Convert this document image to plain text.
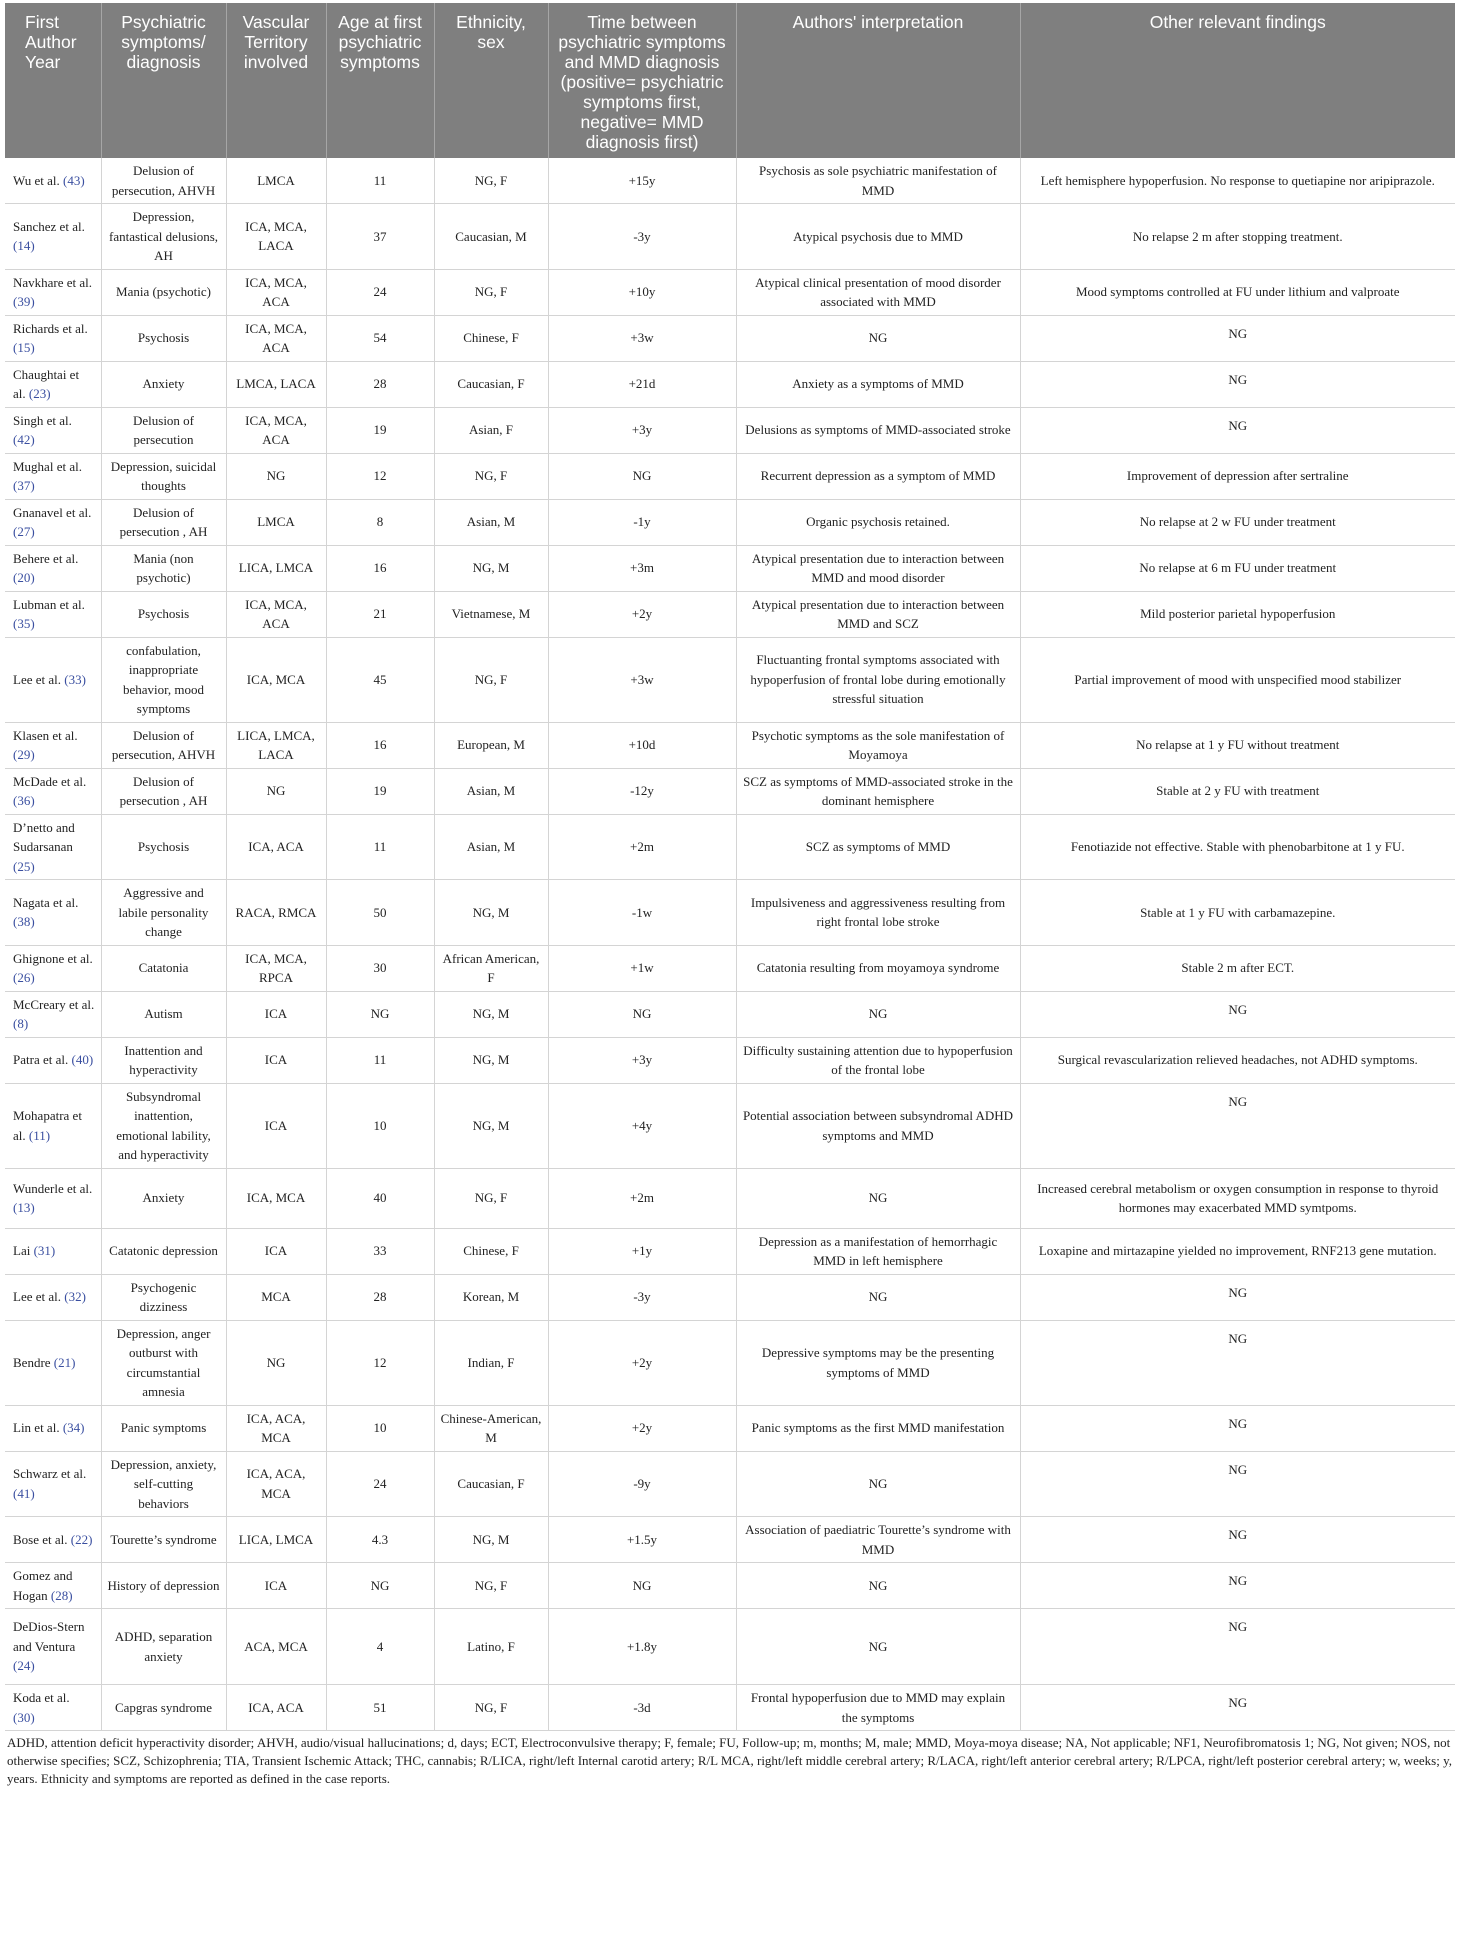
First Author Year	Psychiatric symptoms/ diagnosis	Vascular Territory involved	Age at first psychiatric symptoms	Ethnicity, sex	Time between psychiatric symptoms and MMD diagnosis (positive= psychiatric symptoms first, negative= MMD diagnosis first)	Authors' interpretation	Other relevant findings
Wu et al. (43)	Delusion of persecution, AHVH	LMCA	11	NG, F	+15y	Psychosis as sole psychiatric manifestation of MMD	Left hemisphere hypoperfusion. No response to quetiapine nor aripiprazole.
Sanchez et al. (14)	Depression, fantastical delusions, AH	ICA, MCA, LACA	37	Caucasian, M	-3y	Atypical psychosis due to MMD	No relapse 2 m after stopping treatment.
Navkhare et al. (39)	Mania (psychotic)	ICA, MCA, ACA	24	NG, F	+10y	Atypical clinical presentation of mood disorder associated with MMD	Mood symptoms controlled at FU under lithium and valproate
Richards et al. (15)	Psychosis	ICA, MCA, ACA	54	Chinese, F	+3w	NG	NG
Chaughtai et al. (23)	Anxiety	LMCA, LACA	28	Caucasian, F	+21d	Anxiety as a symptoms of MMD	NG
Singh et al. (42)	Delusion of persecution	ICA, MCA, ACA	19	Asian, F	+3y	Delusions as symptoms of MMD-associated stroke	NG
Mughal et al. (37)	Depression, suicidal thoughts	NG	12	NG, F	NG	Recurrent depression as a symptom of MMD	Improvement of depression after sertraline
Gnanavel et al. (27)	Delusion of persecution , AH	LMCA	8	Asian, M	-1y	Organic psychosis retained.	No relapse at 2 w FU under treatment
Behere et al. (20)	Mania (non psychotic)	LICA, LMCA	16	NG, M	+3m	Atypical presentation due to interaction between MMD and mood disorder	No relapse at 6 m FU under treatment
Lubman et al. (35)	Psychosis	ICA, MCA, ACA	21	Vietnamese, M	+2y	Atypical presentation due to interaction between MMD and SCZ	Mild posterior parietal hypoperfusion
Lee et al. (33)	confabulation, inappropriate behavior, mood symptoms	ICA, MCA	45	NG, F	+3w	Fluctuanting frontal symptoms associated with hypoperfusion of frontal lobe during emotionally stressful situation	Partial improvement of mood with unspecified mood stabilizer
Klasen et al. (29)	Delusion of persecution, AHVH	LICA, LMCA, LACA	16	European, M	+10d	Psychotic symptoms as the sole manifestation of Moyamoya	No relapse at 1 y FU without treatment
McDade et al. (36)	Delusion of persecution , AH	NG	19	Asian, M	-12y	SCZ as symptoms of MMD-associated stroke in the dominant hemisphere	Stable at 2 y FU with treatment
D’netto and Sudarsanan (25)	Psychosis	ICA, ACA	11	Asian, M	+2m	SCZ as symptoms of MMD	Fenotiazide not effective. Stable with phenobarbitone at 1 y FU.
Nagata et al. (38)	Aggressive and labile personality change	RACA, RMCA	50	NG, M	-1w	Impulsiveness and aggressiveness resulting from right frontal lobe stroke	Stable at 1 y FU with carbamazepine.
Ghignone et al. (26)	Catatonia	ICA, MCA, RPCA	30	African American, F	+1w	Catatonia resulting from moyamoya syndrome	Stable 2 m after ECT.
McCreary et al. (8)	Autism	ICA	NG	NG, M	NG	NG	NG
Patra et al. (40)	Inattention and hyperactivity	ICA	11	NG, M	+3y	Difficulty sustaining attention due to hypoperfusion of the frontal lobe	Surgical revascularization relieved headaches, not ADHD symptoms.
Mohapatra et al. (11)	Subsyndromal inattention, emotional lability, and hyperactivity	ICA	10	NG, M	+4y	Potential association between subsyndromal ADHD symptoms and MMD	NG
Wunderle et al. (13)	Anxiety	ICA, MCA	40	NG, F	+2m	NG	Increased cerebral metabolism or oxygen consumption in response to thyroid hormones may exacerbated MMD symtpoms.
Lai (31)	Catatonic depression	ICA	33	Chinese, F	+1y	Depression as a manifestation of hemorrhagic MMD in left hemisphere	Loxapine and mirtazapine yielded no improvement, RNF213 gene mutation.
Lee et al. (32)	Psychogenic dizziness	MCA	28	Korean, M	-3y	NG	NG
Bendre (21)	Depression, anger outburst with circumstantial amnesia	NG	12	Indian, F	+2y	Depressive symptoms may be the presenting symptoms of MMD	NG
Lin et al. (34)	Panic symptoms	ICA, ACA, MCA	10	Chinese-American, M	+2y	Panic symptoms as the first MMD manifestation	NG
Schwarz et al. (41)	Depression, anxiety, self-cutting behaviors	ICA, ACA, MCA	24	Caucasian, F	-9y	NG	NG
Bose et al. (22)	Tourette’s syndrome	LICA, LMCA	4.3	NG, M	+1.5y	Association of paediatric Tourette’s syndrome with MMD	NG
Gomez and Hogan (28)	History of depression	ICA	NG	NG, F	NG	NG	NG
DeDios-Stern and Ventura (24)	ADHD, separation anxiety	ACA, MCA	4	Latino, F	+1.8y	NG	NG
Koda et al. (30)	Capgras syndrome	ICA, ACA	51	NG, F	-3d	Frontal hypoperfusion due to MMD may explain the symptoms	NG
ADHD, attention deficit hyperactivity disorder; AHVH, audio/visual hallucinations; d, days; ECT, Electroconvulsive therapy; F, female; FU, Follow-up; m, months; M, male; MMD, Moya-moya disease; NA, Not applicable; NF1, Neurofibromatosis 1; NG, Not given; NOS, not otherwise specifies; SCZ, Schizophrenia; TIA, Transient Ischemic Attack; THC, cannabis; R/LICA, right/left Internal carotid artery; R/L MCA, right/left middle cerebral artery; R/LACA, right/left anterior cerebral artery; R/LPCA, right/left posterior cerebral artery; w, weeks; y, years. Ethnicity and symptoms are reported as defined in the case reports.
